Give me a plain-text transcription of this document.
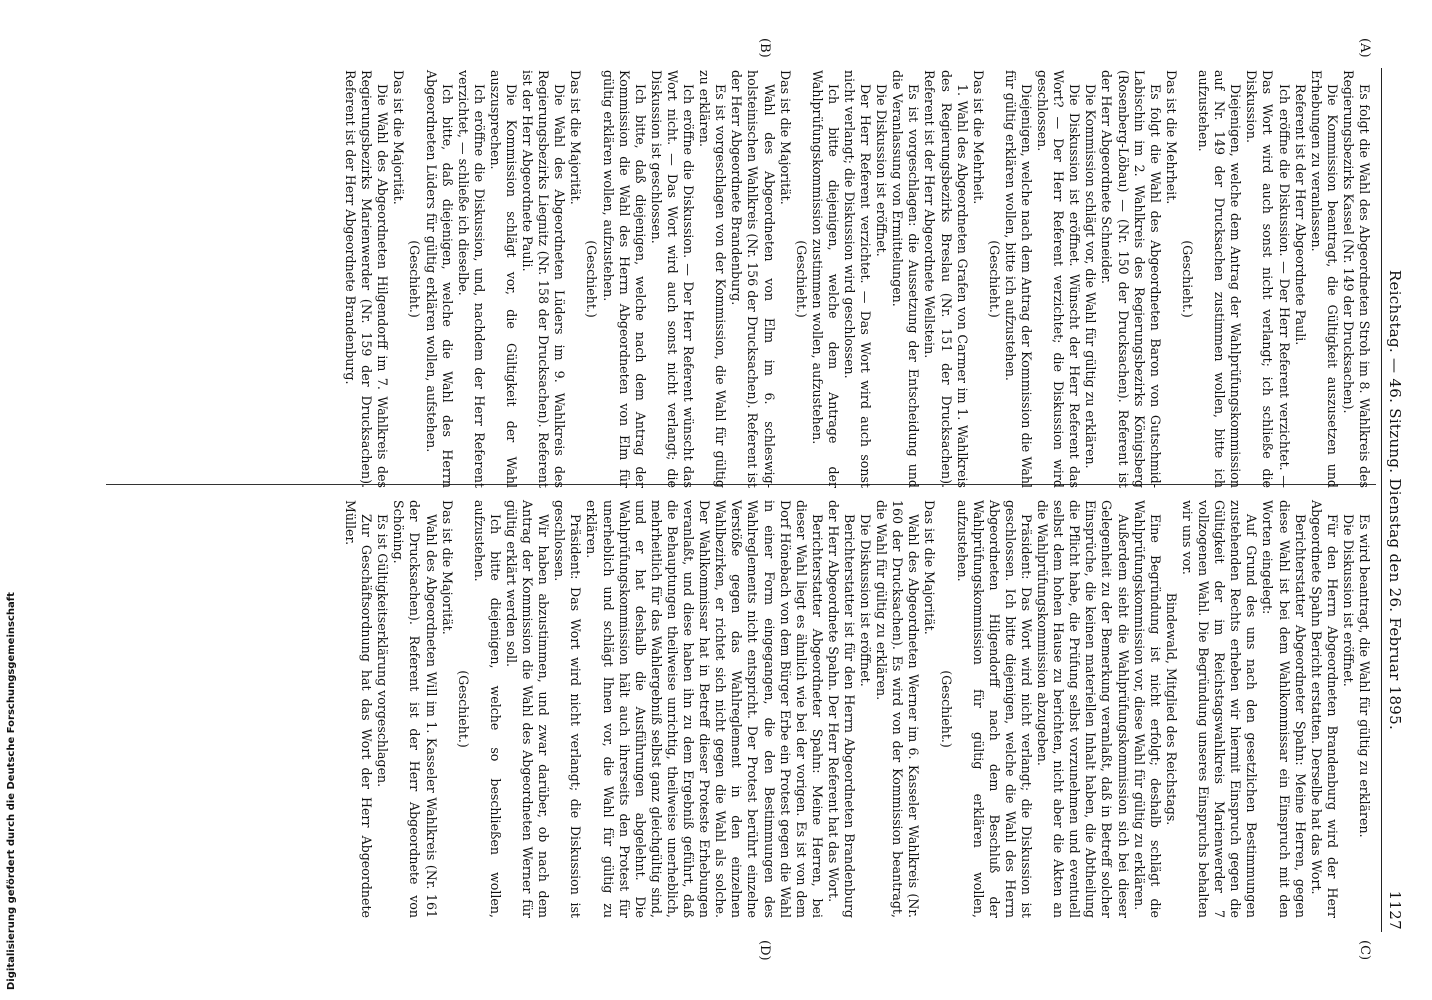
Reichstag. — 46. Sitzung. Dienstag den 26. Februar 1895.
1127
(A)
(B)
(C)
(D)

Es folgt die Wahl des Abgeordneten Stroh im 8. Wahlkreis des Regierungsbezirks Kassel (Nr. 149 der Drucksachen).

Die Kommission beantragt, die Gültigkeit auszusetzen und Erhebungen zu veranlassen.

Referent ist der Herr Abgeordnete Pauli.

Ich eröffne die Diskussion. — Der Herr Referent verzichtet. — Das Wort wird auch sonst nicht verlangt; ich schließe die Diskussion.

Diejenigen, welche dem Antrag der Wahlprüfungskommission auf Nr. 149 der Drucksachen zustimmen wollen, bitte ich aufzustehen.

(Geschieht.)

Das ist die Mehrheit.

Es folgt die Wahl des Abgeordneten Baron von Gutschmid-Labischin im 2. Wahlkreis des Regierungsbezirks Königsberg (Rosenberg-Löbau) — (Nr. 150 der Drucksachen). Referent ist der Herr Abgeordnete Schneider.

Die Kommission schlägt vor, die Wahl für gültig zu erklären.

Die Diskussion ist eröffnet. Wünscht der Herr Referent das Wort? — Der Herr Referent verzichtet; die Diskussion wird geschlossen.

Diejenigen, welche nach dem Antrag der Kommission die Wahl für gültig erklären wollen, bitte ich aufzustehen.

(Geschieht.)

Das ist die Mehrheit.

1. Wahl des Abgeordneten Grafen von Carmer im 1. Wahlkreis des Regierungsbezirks Breslau (Nr. 151 der Drucksachen). Referent ist der Herr Abgeordnete Wellstein.

Es ist vorgeschlagen: die Aussetzung der Entscheidung und die Veranlassung von Ermittelungen.

Die Diskussion ist eröffnet.

Der Herr Referent verzichtet. — Das Wort wird auch sonst nicht verlangt; die Diskussion wird geschlossen.

Ich bitte diejenigen, welche dem Antrage der Wahlprüfungskommission zustimmen wollen, aufzustehen.

(Geschieht.)

Das ist die Majorität.

Wahl des Abgeordneten von Elm im 6. schleswig-holsteinischen Wahlkreis (Nr. 156 der Drucksachen). Referent ist der Herr Abgeordnete Brandenburg.

Es ist vorgeschlagen von der Kommission, die Wahl für gültig zu erklären.

Ich eröffne die Diskussion. — Der Herr Referent wünscht das Wort nicht. — Das Wort wird auch sonst nicht verlangt; die Diskussion ist geschlossen.

Ich bitte, daß diejenigen, welche nach dem Antrag der Kommission die Wahl des Herrn Abgeordneten von Elm für gültig erklären wollen, aufzustehen.

(Geschieht.)

Das ist die Majorität.

Die Wahl des Abgeordneten Lüders im 9. Wahlkreis des Regierungsbezirks Liegnitz (Nr. 158 der Drucksachen). Referent ist der Herr Abgeordnete Pauli.

Die Kommission schlägt vor, die Gültigkeit der Wahl auszusprechen.

Ich eröffne die Diskussion, und, nachdem der Herr Referent verzichtet, — schließe ich dieselbe.

Ich bitte, daß diejenigen, welche die Wahl des Herrn Abgeordneten Lüders für gültig erklären wollen, aufstehen.

(Geschieht.)

Das ist die Majorität.

Die Wahl des Abgeordneten Hilgendorff im 7. Wahlkreis des Regierungsbezirks Marienwerder (Nr. 159 der Drucksachen). Referent ist der Herr Abgeordnete Brandenburg.

Es wird beantragt, die Wahl für gültig zu erklären.

Die Diskussion ist eröffnet.

Für den Herrn Abgeordneten Brandenburg wird der Herr Abgeordnete Spahn Bericht erstatten. Derselbe hat das Wort.

Berichterstatter Abgeordneter Spahn: Meine Herren, gegen diese Wahl ist bei dem Wahlkommissar ein Einspruch mit den Worten eingelegt:

Auf Grund des uns nach den gesetzlichen Bestimmungen zustehenden Rechts erheben wir hiermit Einspruch gegen die Gültigkeit der im Reichstagswahlkreis Marienwerder 7 vollzogenen Wahl. Die Begründung unseres Einspruchs behalten wir uns vor.

Bindewald, Mitglied des Reichstags.

Eine Begründung ist nicht erfolgt; deshalb schlägt die Wahlprüfungskommission vor, diese Wahl für gültig zu erklären.

Außerdem sieht die Wahlprüfungskommission sich bei dieser Gelegenheit zu der Bemerkung veranlaßt, daß in Betreff solcher Einsprüche, die keinen materiellen Inhalt haben, die Abtheilung die Pflicht habe, die Prüfung selbst vorzunehmen und eventuell selbst dem hohen Hause zu berichten, nicht aber die Akten an die Wahlprüfungskommission abzugeben.

Präsident: Das Wort wird nicht verlangt; die Diskussion ist geschlossen. Ich bitte diejenigen, welche die Wahl des Herrn Abgeordneten Hilgendorff nach dem Beschluß der Wahlprüfungskommission für gültig erklären wollen, aufzustehen.

(Geschieht.)

Das ist die Majorität.

Wahl des Abgeordneten Werner im 6. Kasseler Wahlkreis (Nr. 160 der Drucksachen). Es wird von der Kommission beantragt, die Wahl für gültig zu erklären.

Die Diskussion ist eröffnet.

Berichterstatter ist für den Herrn Abgeordneten Brandenburg der Herr Abgeordnete Spahn. Der Herr Referent hat das Wort.

Berichterstatter Abgeordneter Spahn: Meine Herren, bei dieser Wahl liegt es ähnlich wie bei der vorigen. Es ist von dem Dorf Hönebach von dem Bürger Erbe ein Protest gegen die Wahl in einer Form eingegangen, die den Bestimmungen des Wahlreglements nicht entspricht. Der Protest berührt einzelne Verstöße gegen das Wahlreglement in den einzelnen Wahlbezirken, er richtet sich nicht gegen die Wahl als solche. Der Wahlkommissar hat in Betreff dieser Proteste Erhebungen veranlaßt, und diese haben ihn zu dem Ergebniß geführt, daß die Behauptungen theilweise unrichtig, theilweise unerheblich, mehrheitlich für das Wahlergebniß selbst ganz gleichgültig sind, und er hat deshalb die Ausführungen abgelehnt. Die Wahlprüfungskommission hält auch ihrerseits den Protest für unerheblich und schlägt Ihnen vor, die Wahl für gültig zu erklären.

Präsident: Das Wort wird nicht verlangt; die Diskussion ist geschlossen.

Wir haben abzustimmen, und zwar darüber, ob nach dem Antrag der Kommission die Wahl des Abgeordneten Werner für gültig erklärt werden soll.

Ich bitte diejenigen, welche so beschließen wollen, aufzustehen.

(Geschieht.)

Das ist die Majorität.

Wahl des Abgeordneten Will im 1. Kasseler Wahlkreis (Nr. 161 der Drucksachen). Referent ist der Herr Abgeordnete von Schöning.

Es ist Gültigkeitserklärung vorgeschlagen.

Zur Geschäftsordnung hat das Wort der Herr Abgeordnete Müller.

Digitalisierung gefördert durch die Deutsche Forschungsgemeinschaft
